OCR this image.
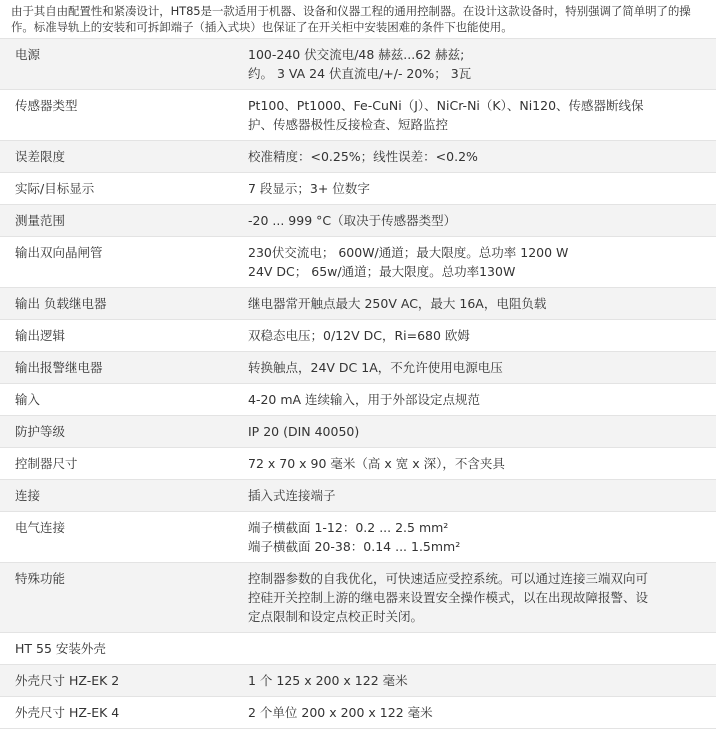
由于其自由配置性和紧凑设计，HT85是一款适用于机器、设备和仪器工程的通用控制器。在设计这款设备时，特别强调了简单明了的操作。标准导轨上的安装和可拆卸端子（插入式块）也保证了在开关柜中安装困难的条件下也能使用。
电源	100-240 伏交流电/48 赫兹...62 赫兹;
约。 3 VA 24 伏直流电/+/- 20%； 3瓦

传感器类型	Pt100、Pt1000、Fe-CuNi（J）、NiCr-Ni（K）、Ni120、传感器断线保
护、传感器极性反接检查、短路监控

误差限度	校准精度：<0.25%；线性误差：<0.2%

实际/目标显示	7 段显示；3+ 位数字

测量范围	-20 ... 999 °C（取决于传感器类型）

输出双向晶闸管	230伏交流电； 600W/通道；最大限度。总功率 1200 W
24V DC； 65w/通道；最大限度。总功率130W

输出 负载继电器	继电器常开触点最大 250V AC，最大 16A，电阻负载

输出逻辑	双稳态电压；0/12V DC，Ri=680 欧姆

输出报警继电器	转换触点，24V DC 1A，不允许使用电源电压

输入	4-20 mA 连续输入，用于外部设定点规范

防护等级	IP 20 (DIN 40050)

控制器尺寸	72 x 70 x 90 毫米（高 x 宽 x 深），不含夹具

连接	插入式连接端子

电气连接	端子横截面 1-12：0.2 ... 2.5 mm²
端子横截面 20-38：0.14 ... 1.5mm²

特殊功能	控制器参数的自我优化，可快速适应受控系统。可以通过连接三端双向可
控硅开关控制上游的继电器来设置安全操作模式，以在出现故障报警、设
定点限制和设定点校正时关闭。

HT 55 安装外壳	

外壳尺寸 HZ-EK 2	1 个 125 x 200 x 122 毫米

外壳尺寸 HZ-EK 4	2 个单位 200 x 200 x 122 毫米
